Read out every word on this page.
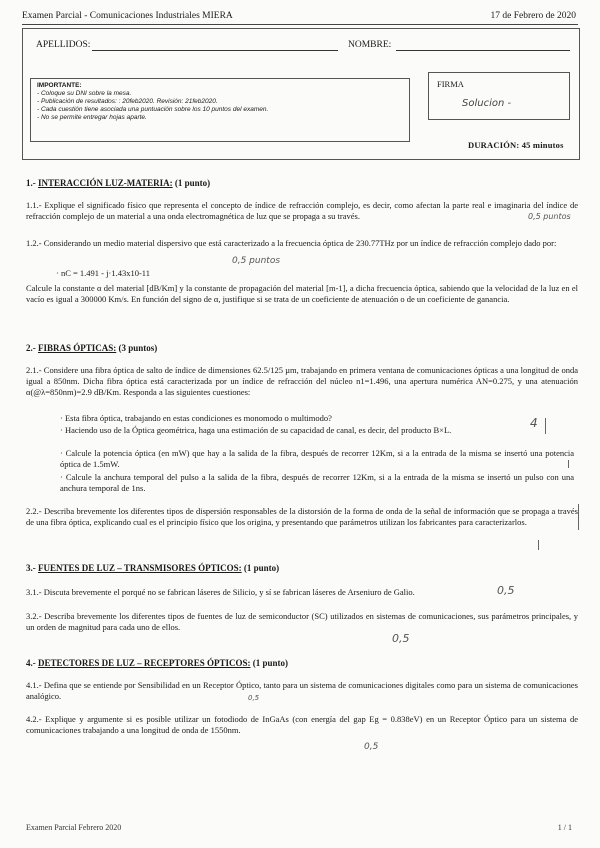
Examen Parcial - Comunicaciones Industriales MIERA	17 de Febrero de 2020
APELLIDOS:	NOMBRE:
IMPORTANTE:
- Coloque su DNI sobre la mesa.
- Publicación de resultados: : 20feb2020. Revisión: 21feb2020.
- Cada cuestión tiene asociada una puntuación sobre los 10 puntos del examen.
- No se permite entregar hojas aparte.
FIRMA
Solucion -
DURACIÓN: 45 minutos
1.- INTERACCIÓN LUZ-MATERIA: (1 punto)
1.1.- Explique el significado físico que representa el concepto de índice de refracción complejo, es decir, como afectan la parte real e imaginaria del índice de refracción complejo de un material a una onda electromagnética de luz que se propaga a su través.	0,5 puntos
1.2.- Considerando un medio material dispersivo que está caracterizado a la frecuencia óptica de 230.77THz por un índice de refracción complejo dado por:
· nC = 1.491 - j·1.43x10-11
0,5 puntos
Calcule la constante α del material [dB/Km] y la constante de propagación del material [m-1], a dicha frecuencia óptica, sabiendo que la velocidad de la luz en el vacío es igual a 300000 Km/s. En función del signo de α, justifique si se trata de un coeficiente de atenuación o de un coeficiente de ganancia.
2.- FIBRAS ÓPTICAS: (3 puntos)
2.1.- Considere una fibra óptica de salto de índice de dimensiones 62.5/125 µm, trabajando en primera ventana de comunicaciones ópticas a una longitud de onda igual a 850nm. Dicha fibra óptica está caracterizada por un índice de refracción del núcleo n1=1.496, una apertura numérica AN=0.275, y una atenuación α(@λ=850nm)=2.9 dB/Km. Responda a las siguientes cuestiones:
· Esta fibra óptica, trabajando en estas condiciones es monomodo o multimodo?
· Haciendo uso de la Óptica geométrica, haga una estimación de su capacidad de canal, es decir, del producto B×L.	4
· Calcule la potencia óptica (en mW) que hay a la salida de la fibra, después de recorrer 12Km, si a la entrada de la misma se insertó una potencia óptica de 1.5mW.
· Calcule la anchura temporal del pulso a la salida de la fibra, después de recorrer 12Km, si a la entrada de la misma se insertó un pulso con una anchura temporal de 1ns.
2.2.- Describa brevemente los diferentes tipos de dispersión responsables de la distorsión de la forma de onda de la señal de información que se propaga a través de una fibra óptica, explicando cual es el principio físico que los origina, y presentando que parámetros utilizan los fabricantes para caracterizarlos.
3.- FUENTES DE LUZ – TRANSMISORES ÓPTICOS: (1 punto)
3.1.- Discuta brevemente el porqué no se fabrican láseres de Silicio, y sí se fabrican láseres de Arseniuro de Galio.	0,5
3.2.- Describa brevemente los diferentes tipos de fuentes de luz de semiconductor (SC) utilizados en sistemas de comunicaciones, sus parámetros principales, y un orden de magnitud para cada uno de ellos.
0,5
4.- DETECTORES DE LUZ – RECEPTORES ÓPTICOS: (1 punto)
4.1.- Defina que se entiende por Sensibilidad en un Receptor Óptico, tanto para un sistema de comunicaciones digitales como para un sistema de comunicaciones analógico.	0,5
4.2.- Explique y argumente si es posible utilizar un fotodiodo de InGaAs (con energía del gap Eg = 0.838eV) en un Receptor Óptico para un sistema de comunicaciones trabajando a una longitud de onda de 1550nm.
0,5
Examen Parcial Febrero 2020	1 / 1
